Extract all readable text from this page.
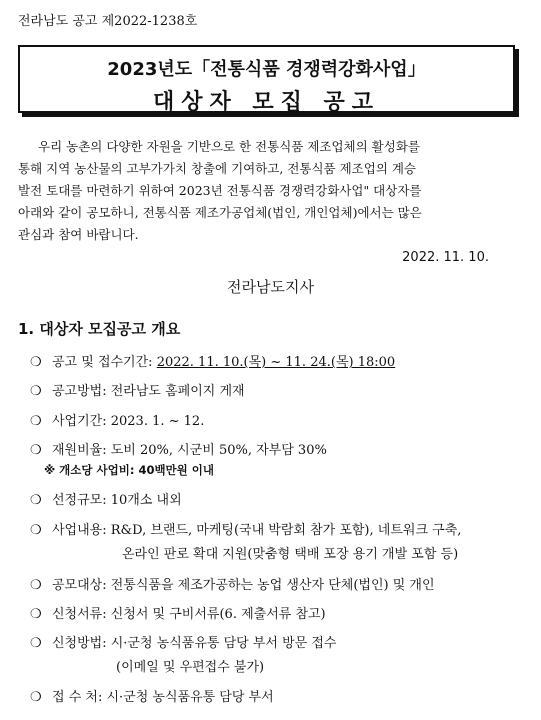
전라남도 공고 제2022-1238호
2023년도「전통식품 경쟁력강화사업」
대상자 모집 공고
우리 농촌의 다양한 자원을 기반으로 한 전통식품 제조업체의 활성화를
통해 지역 농산물의 고부가가치 창출에 기여하고, 전통식품 제조업의 계승
발전 토대를 마련하기 위하여 2023년 전통식품 경쟁력강화사업" 대상자를
아래와 같이 공모하니, 전통식품 제조가공업체(법인, 개인업체)에서는 많은
관심과 참여 바랍니다.
2022. 11. 10.
전라남도지사
1. 대상자 모집공고 개요
❍ 공고 및 접수기간: 2022. 11. 10.(목) ~ 11. 24.(목) 18:00
❍ 공고방법: 전라남도 홈페이지 게재
❍ 사업기간: 2023. 1. ~ 12.
❍ 재원비율: 도비 20%, 시군비 50%, 자부담 30%
※ 개소당 사업비: 40백만원 이내
❍ 선정규모: 10개소 내외
❍ 사업내용: R&D, 브랜드, 마케팅(국내 박람회 참가 포함), 네트워크 구축,
온라인 판로 확대 지원(맞춤형 택배 포장 용기 개발 포함 등)
❍ 공모대상: 전통식품을 제조가공하는 농업 생산자 단체(법인) 및 개인
❍ 신청서류: 신청서 및 구비서류(6. 제출서류 참고)
❍ 신청방법: 시·군청 농식품유통 담당 부서 방문 접수
(이메일 및 우편접수 불가)
❍ 접 수 처: 시·군청 농식품유통 담당 부서
